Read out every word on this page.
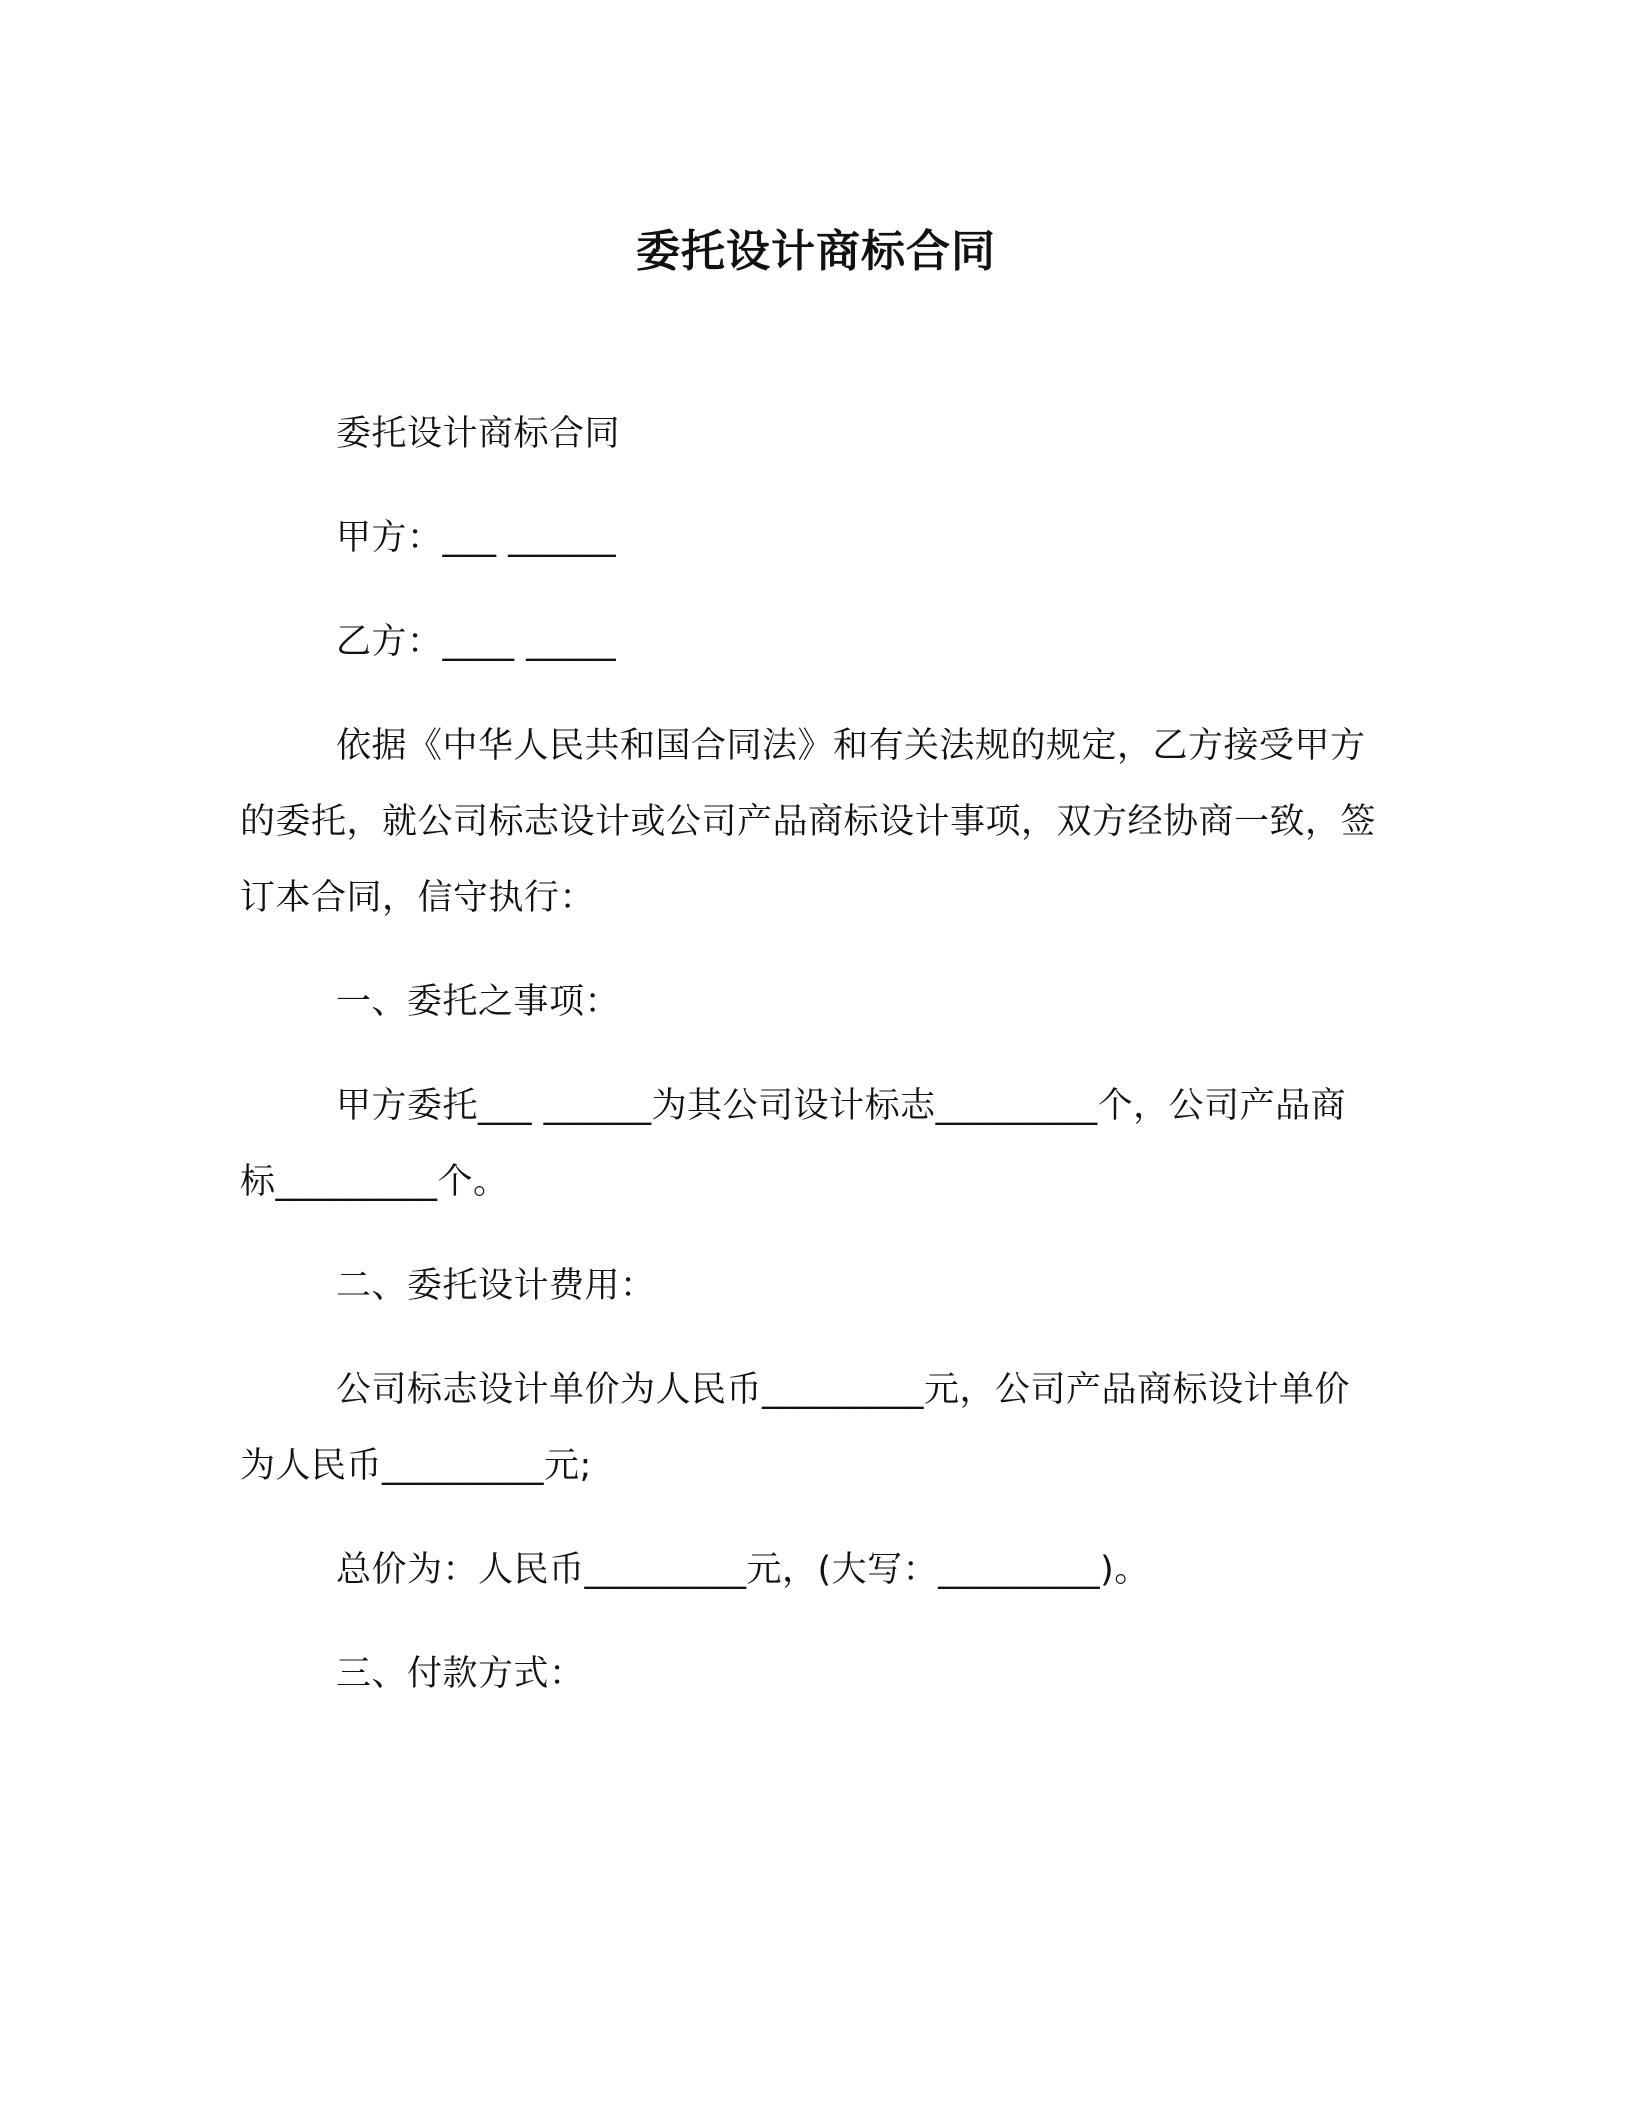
委托设计商标合同

委托设计商标合同

甲方：___ ______

乙方：____ _____

依据《中华人民共和国合同法》和有关法规的规定，乙方接受甲方的委托，就公司标志设计或公司产品商标设计事项，双方经协商一致，签订本合同，信守执行：

一、委托之事项：

甲方委托___ ______为其公司设计标志_________个，公司产品商标_________个。

二、委托设计费用：

公司标志设计单价为人民币_________元，公司产品商标设计单价为人民币_________元;

总价为：人民币_________元，(大写：_________)。

三、付款方式：
